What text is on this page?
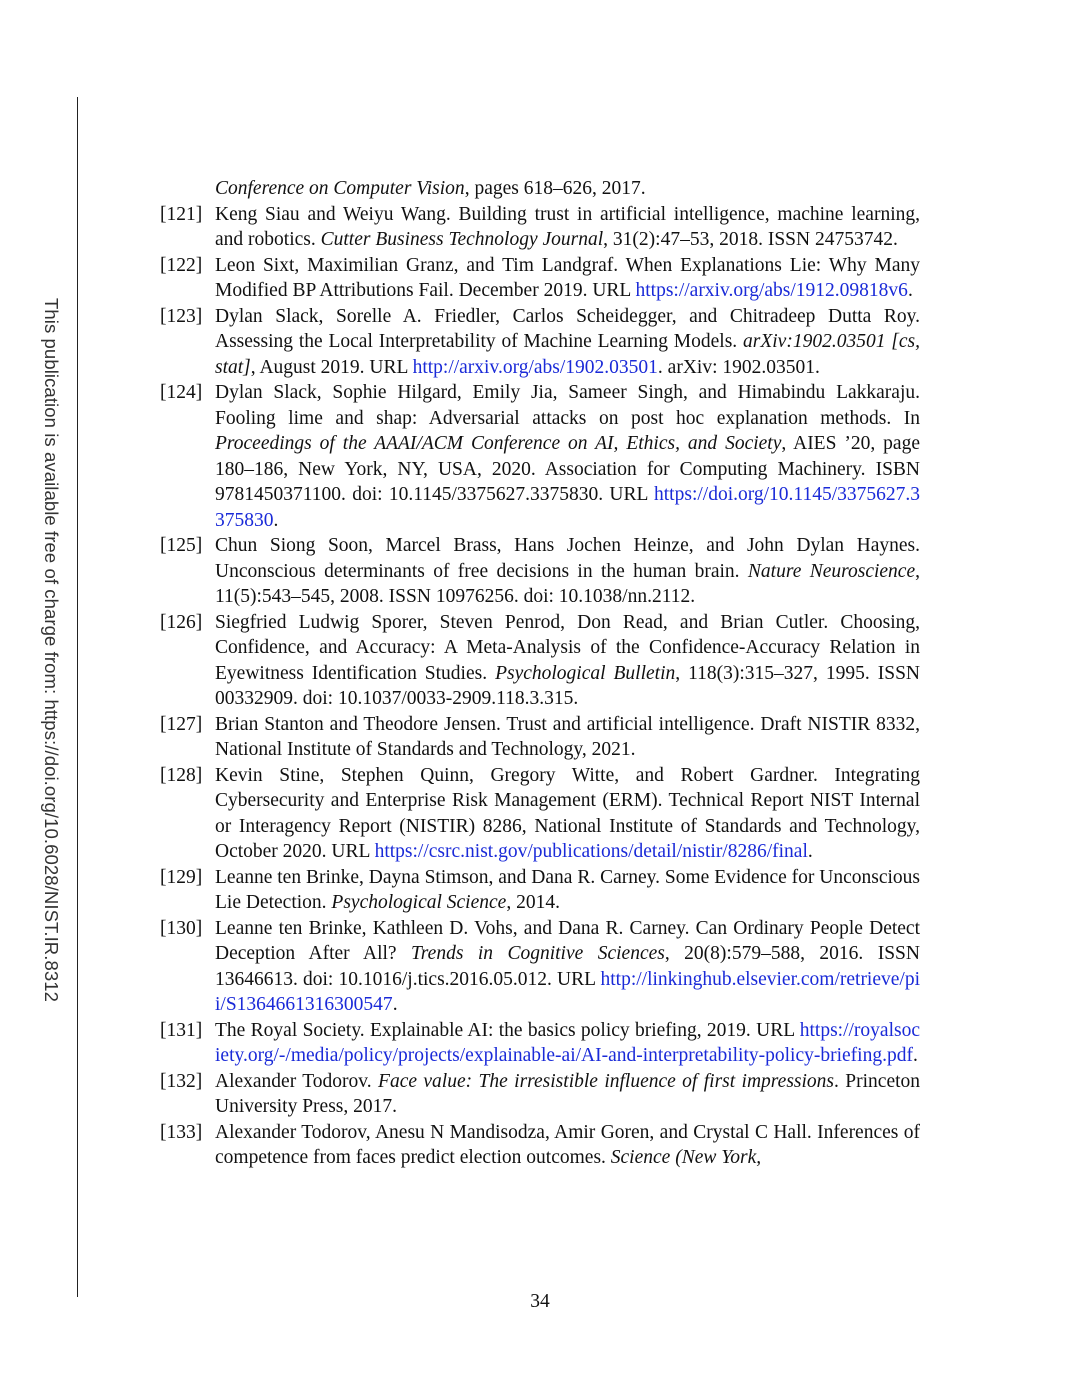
This publication is available free of charge from: https://doi.org/10.6028/NIST.IR.8312
Conference on Computer Vision, pages 618–626, 2017.
[121] Keng Siau and Weiyu Wang. Building trust in artificial intelligence, machine learning, and robotics. Cutter Business Technology Journal, 31(2):47–53, 2018. ISSN 24753742.
[122] Leon Sixt, Maximilian Granz, and Tim Landgraf. When Explanations Lie: Why Many Modified BP Attributions Fail. December 2019. URL https://arxiv.org/abs/1912.09818v6.
[123] Dylan Slack, Sorelle A. Friedler, Carlos Scheidegger, and Chitradeep Dutta Roy. Assessing the Local Interpretability of Machine Learning Models. arXiv:1902.03501 [cs, stat], August 2019. URL http://arxiv.org/abs/1902.03501. arXiv: 1902.03501.
[124] Dylan Slack, Sophie Hilgard, Emily Jia, Sameer Singh, and Himabindu Lakkaraju. Fooling lime and shap: Adversarial attacks on post hoc explanation methods. In Proceedings of the AAAI/ACM Conference on AI, Ethics, and Society, AIES ’20, page 180–186, New York, NY, USA, 2020. Association for Computing Machinery. ISBN 9781450371100. doi: 10.1145/3375627.3375830. URL https://doi.org/10.1145/3375627.3375830.
[125] Chun Siong Soon, Marcel Brass, Hans Jochen Heinze, and John Dylan Haynes. Unconscious determinants of free decisions in the human brain. Nature Neuroscience, 11(5):543–545, 2008. ISSN 10976256. doi: 10.1038/nn.2112.
[126] Siegfried Ludwig Sporer, Steven Penrod, Don Read, and Brian Cutler. Choosing, Confidence, and Accuracy: A Meta-Analysis of the Confidence-Accuracy Relation in Eyewitness Identification Studies. Psychological Bulletin, 118(3):315–327, 1995. ISSN 00332909. doi: 10.1037/0033-2909.118.3.315.
[127] Brian Stanton and Theodore Jensen. Trust and artificial intelligence. Draft NISTIR 8332, National Institute of Standards and Technology, 2021.
[128] Kevin Stine, Stephen Quinn, Gregory Witte, and Robert Gardner. Integrating Cybersecurity and Enterprise Risk Management (ERM). Technical Report NIST Internal or Interagency Report (NISTIR) 8286, National Institute of Standards and Technology, October 2020. URL https://csrc.nist.gov/publications/detail/nistir/8286/final.
[129] Leanne ten Brinke, Dayna Stimson, and Dana R. Carney. Some Evidence for Unconscious Lie Detection. Psychological Science, 2014.
[130] Leanne ten Brinke, Kathleen D. Vohs, and Dana R. Carney. Can Ordinary People Detect Deception After All? Trends in Cognitive Sciences, 20(8):579–588, 2016. ISSN 13646613. doi: 10.1016/j.tics.2016.05.012. URL http://linkinghub.elsevier.com/retrieve/pii/S1364661316300547.
[131] The Royal Society. Explainable AI: the basics policy briefing, 2019. URL https://royalsociety.org/-/media/policy/projects/explainable-ai/AI-and-interpretability-policy-briefing.pdf.
[132] Alexander Todorov. Face value: The irresistible influence of first impressions. Princeton University Press, 2017.
[133] Alexander Todorov, Anesu N Mandisodza, Amir Goren, and Crystal C Hall. Inferences of competence from faces predict election outcomes. Science (New York,
34
